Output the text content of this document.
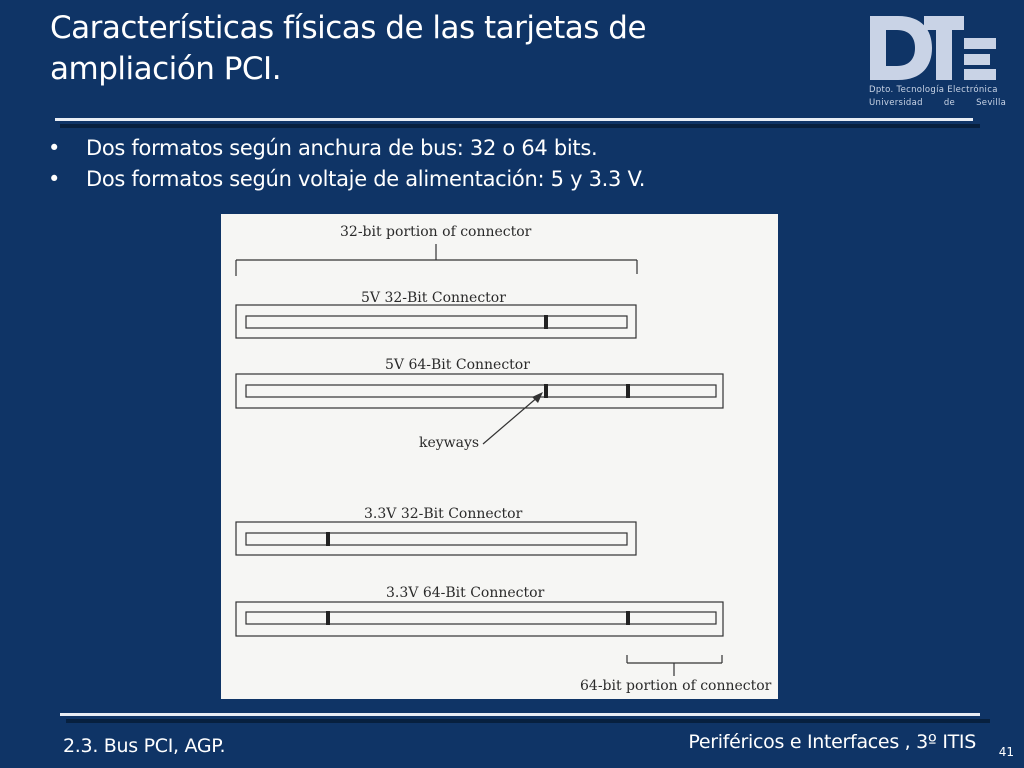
Características físicas de las tarjetas de
ampliación PCI.
Dpto. Tecnología Electrónica
Universidad de Sevilla
•	Dos formatos según anchura de bus: 32 o 64 bits.
•	Dos formatos según voltaje de alimentación: 5 y 3.3 V.
32-bit portion of connector
5V 32-Bit Connector
5V 64-Bit Connector
keyways
3.3V 32-Bit Connector
3.3V 64-Bit Connector
64-bit portion of connector
2.3. Bus PCI, AGP.	Periféricos e Interfaces , 3º ITIS 41
